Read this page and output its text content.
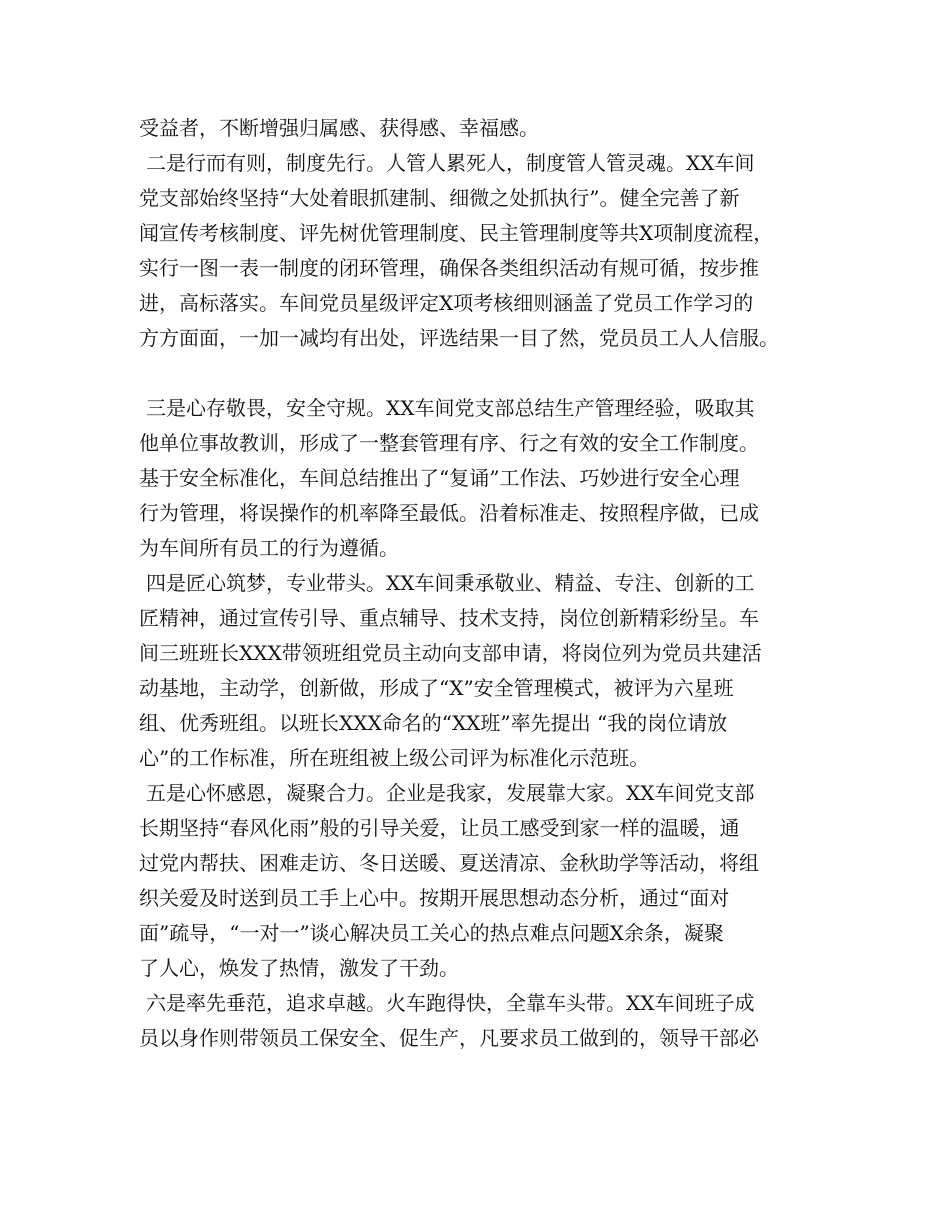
受益者，不断增强归属感、获得感、幸福感。
二是行而有则，制度先行。人管人累死人，制度管人管灵魂。XX车间
党支部始终坚持“大处着眼抓建制、细微之处抓执行”。健全完善了新
闻宣传考核制度、评先树优管理制度、民主管理制度等共X项制度流程，
实行一图一表一制度的闭环管理，确保各类组织活动有规可循，按步推
进，高标落实。车间党员星级评定X项考核细则涵盖了党员工作学习的
方方面面，一加一减均有出处，评选结果一目了然，党员员工人人信服。
三是心存敬畏，安全守规。XX车间党支部总结生产管理经验，吸取其
他单位事故教训，形成了一整套管理有序、行之有效的安全工作制度。
基于安全标准化，车间总结推出了“复诵”工作法、巧妙进行安全心理
行为管理，将误操作的机率降至最低。沿着标准走、按照程序做，已成
为车间所有员工的行为遵循。
四是匠心筑梦，专业带头。XX车间秉承敬业、精益、专注、创新的工
匠精神，通过宣传引导、重点辅导、技术支持，岗位创新精彩纷呈。车
间三班班长XXX带领班组党员主动向支部申请，将岗位列为党员共建活
动基地，主动学，创新做，形成了“X”安全管理模式，被评为六星班
组、优秀班组。以班长XXX命名的“XX班”率先提出 “我的岗位请放
心”的工作标准，所在班组被上级公司评为标准化示范班。
五是心怀感恩，凝聚合力。企业是我家，发展靠大家。XX车间党支部
长期坚持“春风化雨”般的引导关爱，让员工感受到家一样的温暖，通
过党内帮扶、困难走访、冬日送暖、夏送清凉、金秋助学等活动，将组
织关爱及时送到员工手上心中。按期开展思想动态分析，通过“面对
面”疏导，“一对一”谈心解决员工关心的热点难点问题X余条，凝聚
了人心，焕发了热情，激发了干劲。
六是率先垂范，追求卓越。火车跑得快，全靠车头带。XX车间班子成
员以身作则带领员工保安全、促生产，凡要求员工做到的，领导干部必
